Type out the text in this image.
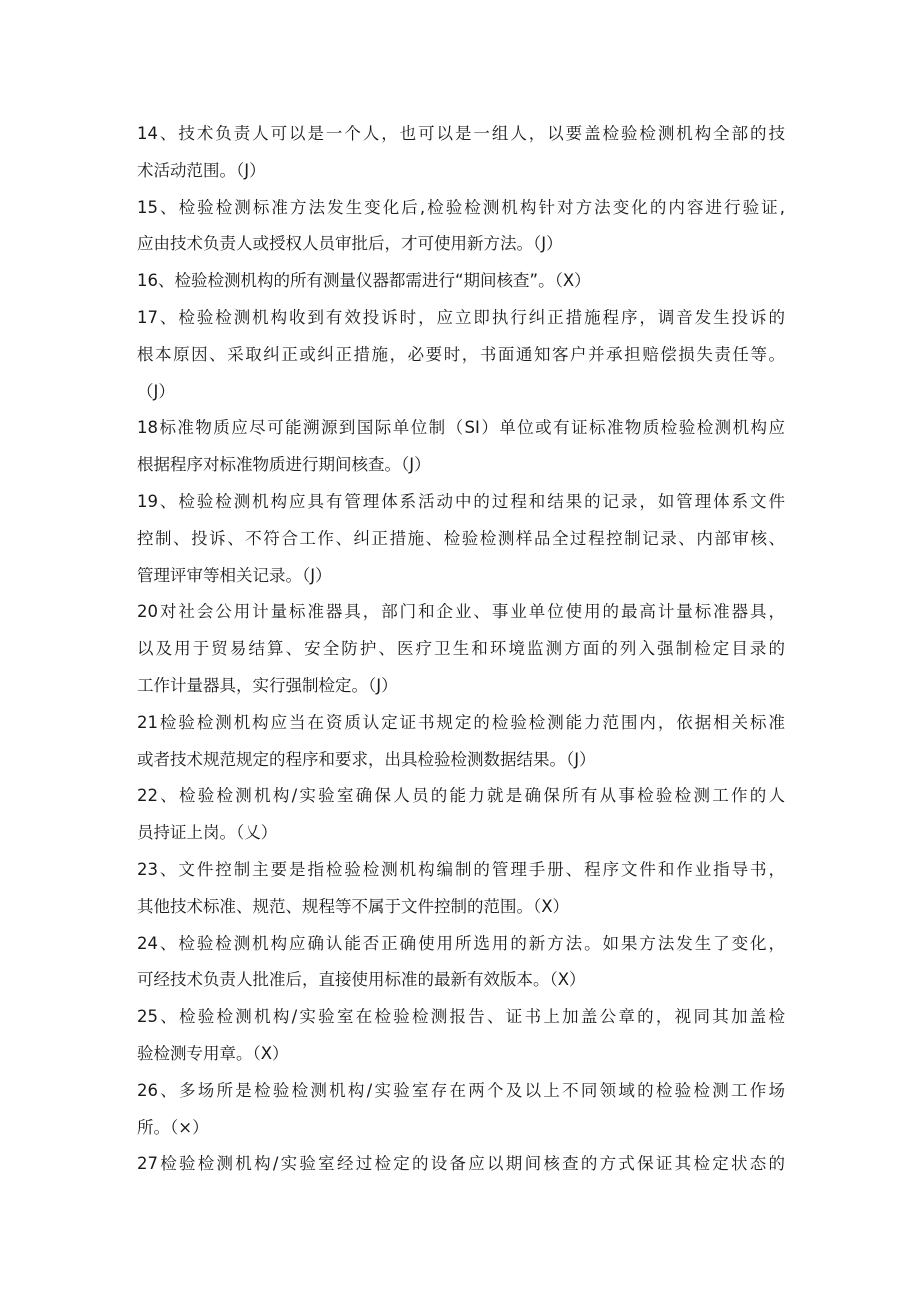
14、技术负责人可以是一个人，也可以是一组人，以要盖检验检测机构全部的技
术活动范围。（J）
15、检验检测标准方法发生变化后,检验检测机构针对方法变化的内容进行验证,
应由技术负责人或授权人员审批后，才可使用新方法。（J）
16、检验检测机构的所有测量仪器都需进行“期间核查”。（X）
17、检验检测机构收到有效投诉时，应立即执行纠正措施程序，调音发生投诉的
根本原因、采取纠正或纠正措施，必要时，书面通知客户并承担赔偿损失责任等。
（J）
18标准物质应尽可能溯源到国际单位制（SI）单位或有证标准物质检验检测机构应
根据程序对标准物质进行期间核查。（J）
19、检验检测机构应具有管理体系活动中的过程和结果的记录，如管理体系文件
控制、投诉、不符合工作、纠正措施、检验检测样品全过程控制记录、内部审核、
管理评审等相关记录。（J）
20对社会公用计量标准器具，部门和企业、事业单位使用的最高计量标准器具，
以及用于贸易结算、安全防护、医疗卫生和环境监测方面的列入强制检定目录的
工作计量器具，实行强制检定。（J）
21检验检测机构应当在资质认定证书规定的检验检测能力范围内，依据相关标准
或者技术规范规定的程序和要求，出具检验检测数据结果。（J）
22、检验检测机构/实验室确保人员的能力就是确保所有从事检验检测工作的人
员持证上岗。（乂）
23、文件控制主要是指检验检测机构编制的管理手册、程序文件和作业指导书，
其他技术标准、规范、规程等不属于文件控制的范围。（X）
24、检验检测机构应确认能否正确使用所选用的新方法。如果方法发生了变化，
可经技术负责人批准后，直接使用标准的最新有效版本。（X）
25、检验检测机构/实验室在检验检测报告、证书上加盖公章的，视同其加盖检
验检测专用章。（X）
26、多场所是检验检测机构/实验室存在两个及以上不同领域的检验检测工作场
所。（×）
27检验检测机构/实验室经过检定的设备应以期间核查的方式保证其检定状态的
